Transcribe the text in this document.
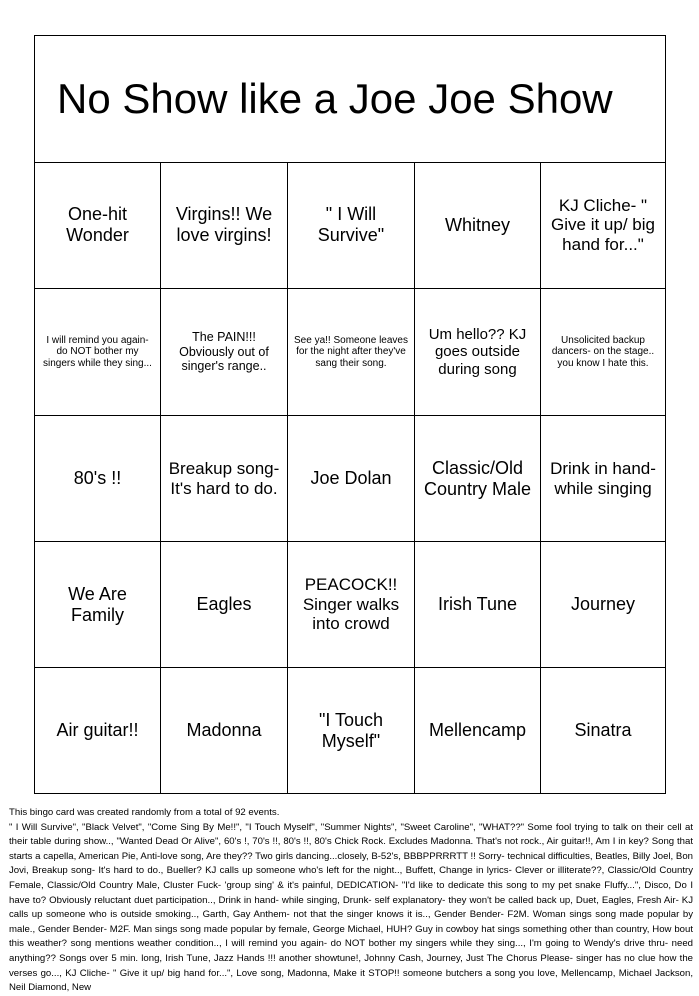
No Show like a Joe Joe Show
One-hit Wonder
Virgins!! We love virgins!
" I Will Survive"
Whitney
KJ Cliche- " Give it up/ big hand for..."
I will remind you again- do NOT bother my singers while they sing...
The PAIN!!! Obviously out of singer's range..
See ya!! Someone leaves for the night after they've sang their song.
Um hello?? KJ goes outside during song
Unsolicited backup dancers- on the stage.. you know I hate this.
80's !!	Breakup song- It's hard to do. Joe Dolan
Classic/Old Country Male
Drink in hand- while singing
We Are Family
Eagles
PEACOCK!! Singer walks into crowd
Irish Tune	Journey
Air guitar!!	Madonna
"I Touch Myself"
Mellencamp	Sinatra

This bingo card was created randomly from a total of 92 events.

" I Will Survive", "Black Velvet", "Come Sing By Me!!", "I Touch Myself", "Summer Nights", "Sweet Caroline", "WHAT??" Some fool trying to talk on their cell at their table during show.., "Wanted Dead Or Alive", 60's !, 70's !!, 80's !!, 80's Chick Rock. Excludes Madonna. That's not rock., Air guitar!!, Am I in key? Song that starts a capella, American Pie, Anti-love song, Are they?? Two girls dancing...closely, B-52's, BBBPPRRRTT !! Sorry- technical difficulties, Beatles, Billy Joel, Bon Jovi, Breakup song- It's hard to do., Bueller? KJ calls up someone who's left for the night.., Buffett, Change in lyrics- Clever or illiterate??, Classic/Old Country Female, Classic/Old Country Male, Cluster Fuck- 'group sing' & it's painful, DEDICATION- "I'd like to dedicate this song to my pet snake Fluffy...", Disco, Do I have to? Obviously reluctant duet participation.., Drink in hand- while singing, Drunk- self explanatory- they won't be called back up, Duet, Eagles, Fresh Air- KJ calls up someone who is outside smoking.., Garth, Gay Anthem- not that the singer knows it is.., Gender Bender- F2M. Woman sings song made popular by male., Gender Bender- M2F. Man sings song made popular by female, George Michael, HUH? Guy in cowboy hat sings something other than country, How bout this weather? song mentions weather condition.., I will remind you again- do NOT bother my singers while they sing..., I'm going to Wendy's drive thru- need anything?? Songs over 5 min. long, Irish Tune, Jazz Hands !!! another showtune!, Johnny Cash, Journey, Just The Chorus Please- singer has no clue how the verses go..., KJ Cliche- " Give it up/ big hand for...", Love song, Madonna, Make it STOP!! someone butchers a song you love, Mellencamp, Michael Jackson, Neil Diamond, New
